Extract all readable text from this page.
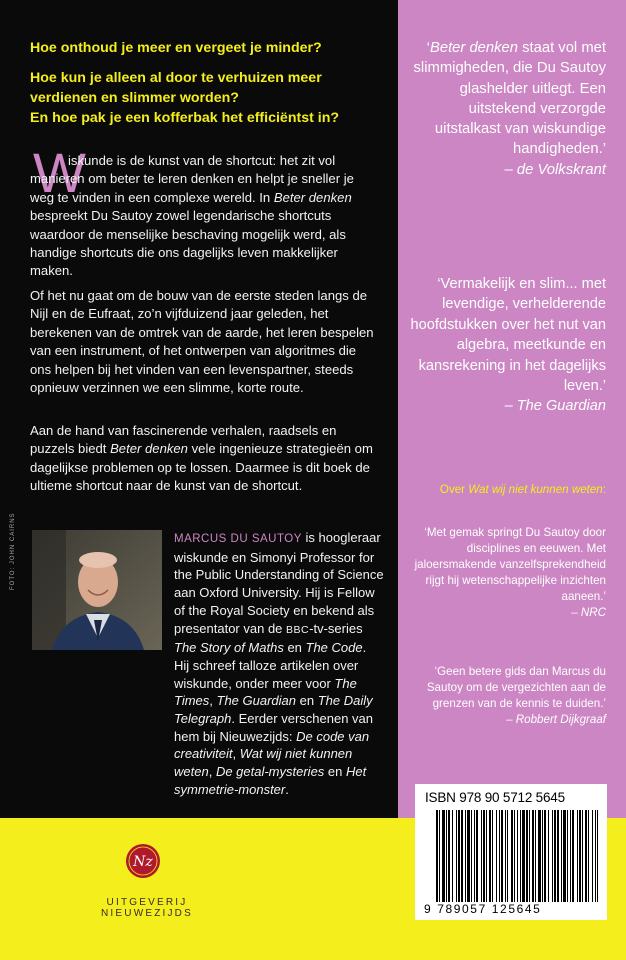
Hoe onthoud je meer en vergeet je minder?

Hoe kun je alleen al door te verhuizen meer verdienen en slimmer worden?

En hoe pak je een kofferbak het efficiëntst in?

W

iskunde is de kunst van de shortcut: het zit vol manieren om beter te leren denken en helpt je sneller je weg te vinden in een complexe wereld. In Beter denken bespreekt Du Sautoy zowel legendarische shortcuts waardoor de menselijke beschaving mogelijk werd, als handige shortcuts die ons dagelijks leven makkelijker maken.

Of het nu gaat om de bouw van de eerste steden langs de Nijl en de Eufraat, zo’n vijfduizend jaar geleden, het berekenen van de omtrek van de aarde, het leren bespelen van een instrument, of het ontwerpen van algoritmes die ons helpen bij het vinden van een levenspartner, steeds opnieuw verzinnen we een slimme, korte route.

Aan de hand van fascinerende verhalen, raadsels en puzzels biedt Beter denken vele ingenieuze strategieën om dagelijkse problemen op te lossen. Daarmee is dit boek de ultieme shortcut naar de kunst van de shortcut.

FOTO: JOHN CAIRNS	MARCUS DU SAUTOY is hoogleraar wiskunde en Simonyi Professor for the Public Understanding of Science aan Oxford University. Hij is Fellow of the Royal Society en bekend als presentator van de BBC-tv-series The Story of Maths en The Code. Hij schreef talloze artikelen over wiskunde, onder meer voor The Times, The Guardian en The Daily Telegraph. Eerder verschenen van hem bij Nieuwezijds: De code van creativiteit, Wat wij niet kunnen weten, De getal-mysteries en Het symmetrie-monster.

‘Beter denken staat vol met slimmigheden, die Du Sautoy glashelder uitlegt. Een uitstekend verzorgde uitstalkast van wiskundige handigheden.’
– de Volkskrant

‘Vermakelijk en slim... met levendige, verhelderende hoofdstukken over het nut van algebra, meetkunde en kansrekening in het dagelijks leven.’
– The Guardian

Over Wat wij niet kunnen weten:

‘Met gemak springt Du Sautoy door disciplines en eeuwen. Met jaloersmakende vanzelfsprekendheid rijgt hij wetenschappelijke inzichten aaneen.’
– NRC

‘Geen betere gids dan Marcus du Sautoy om de vergezichten aan de grenzen van de kennis te duiden.’
– Robbert Dijkgraaf

Nz
UITGEVERIJ NIEUWEZIJDS
ISBN 978 90 5712 5645
9 789057 125645
